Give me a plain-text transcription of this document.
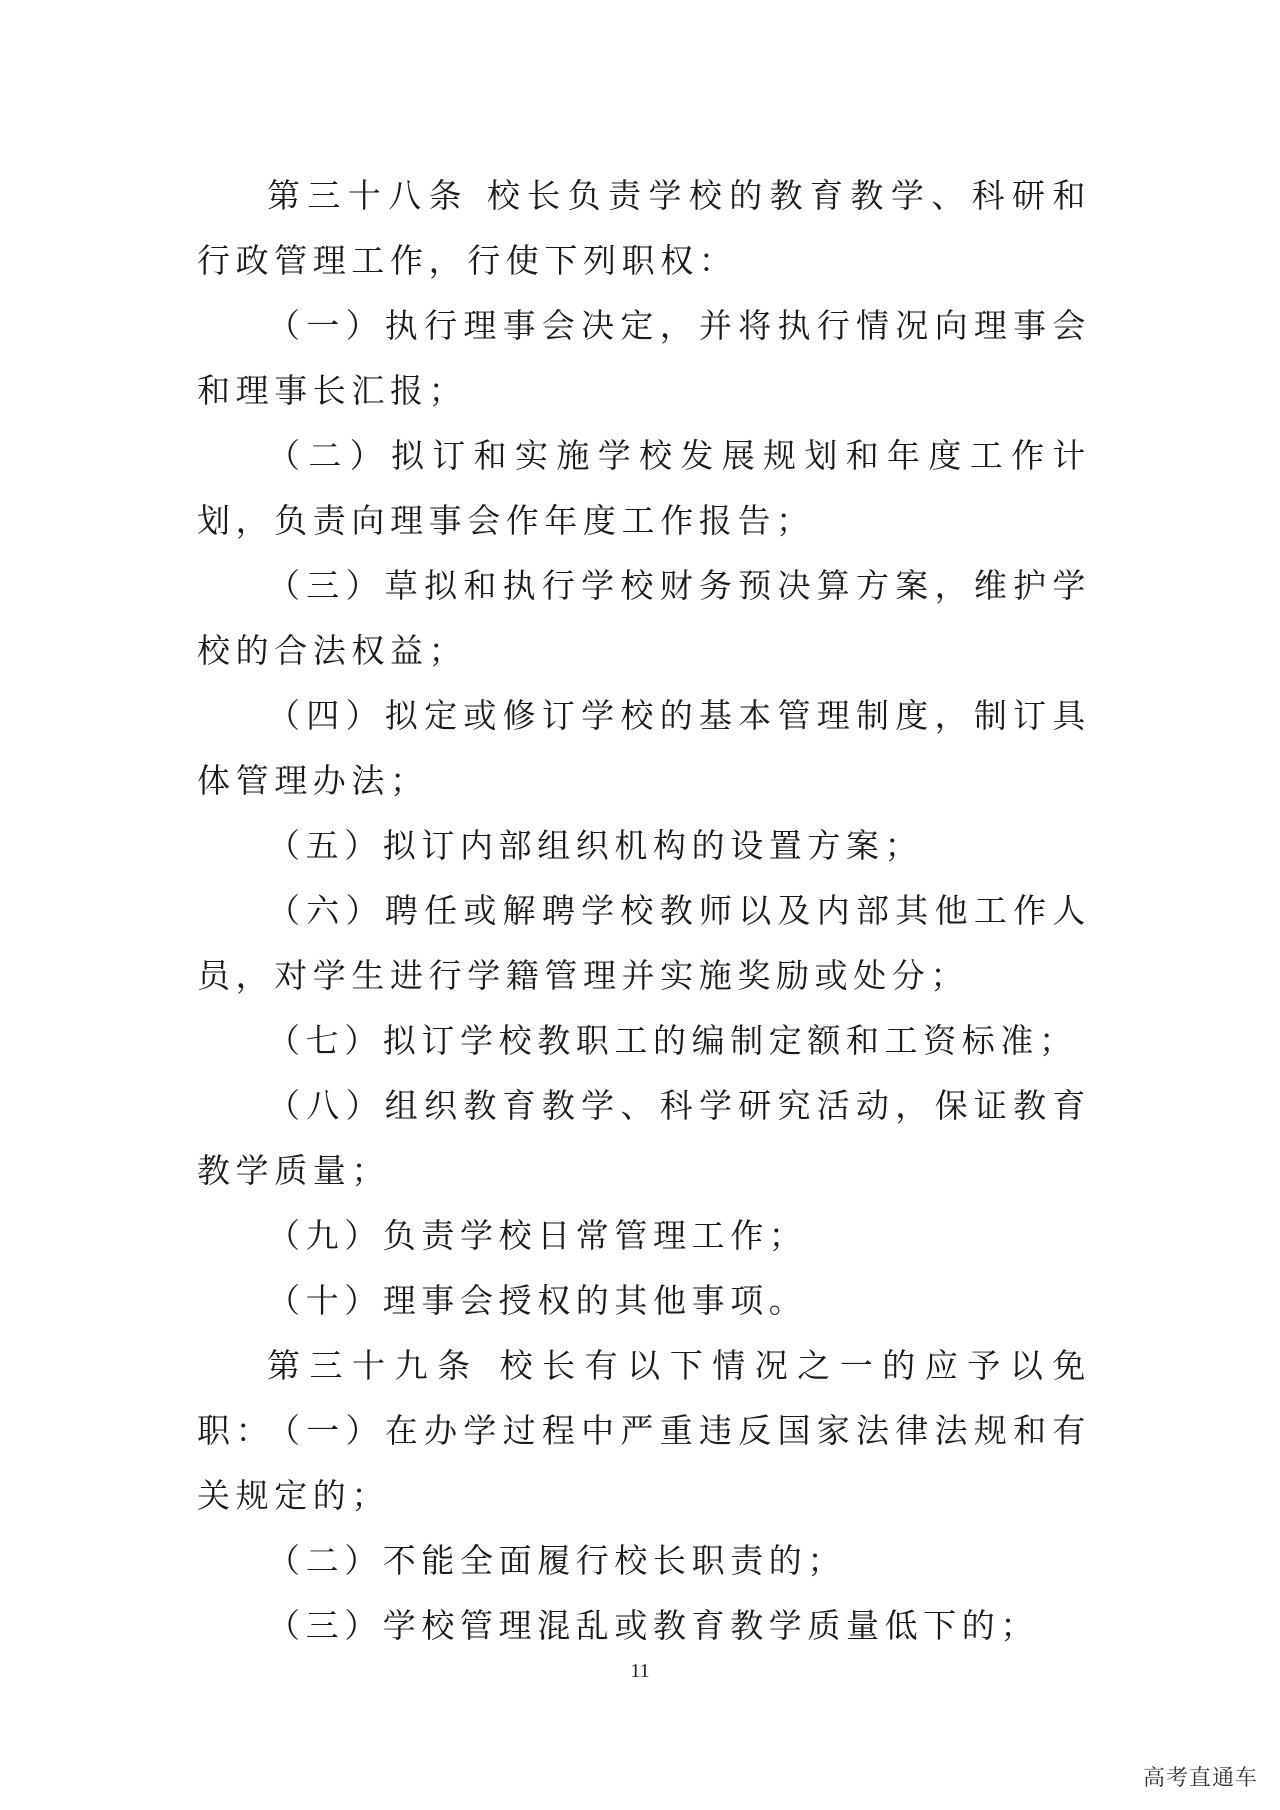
第三十八条 校长负责学校的教育教学、科研和行政管理工作，行使下列职权：

（一）执行理事会决定，并将执行情况向理事会和理事长汇报；

（二）拟订和实施学校发展规划和年度工作计划，负责向理事会作年度工作报告；

（三）草拟和执行学校财务预决算方案，维护学校的合法权益；

（四）拟定或修订学校的基本管理制度，制订具体管理办法；

（五）拟订内部组织机构的设置方案；

（六）聘任或解聘学校教师以及内部其他工作人员，对学生进行学籍管理并实施奖励或处分；

（七）拟订学校教职工的编制定额和工资标准；

（八）组织教育教学、科学研究活动，保证教育教学质量；

（九）负责学校日常管理工作；

（十）理事会授权的其他事项。

第三十九条 校长有以下情况之一的应予以免职：

（一）在办学过程中严重违反国家法律法规和有关规定的；

（二）不能全面履行校长职责的；

（三）学校管理混乱或教育教学质量低下的；

11
高考直通车
